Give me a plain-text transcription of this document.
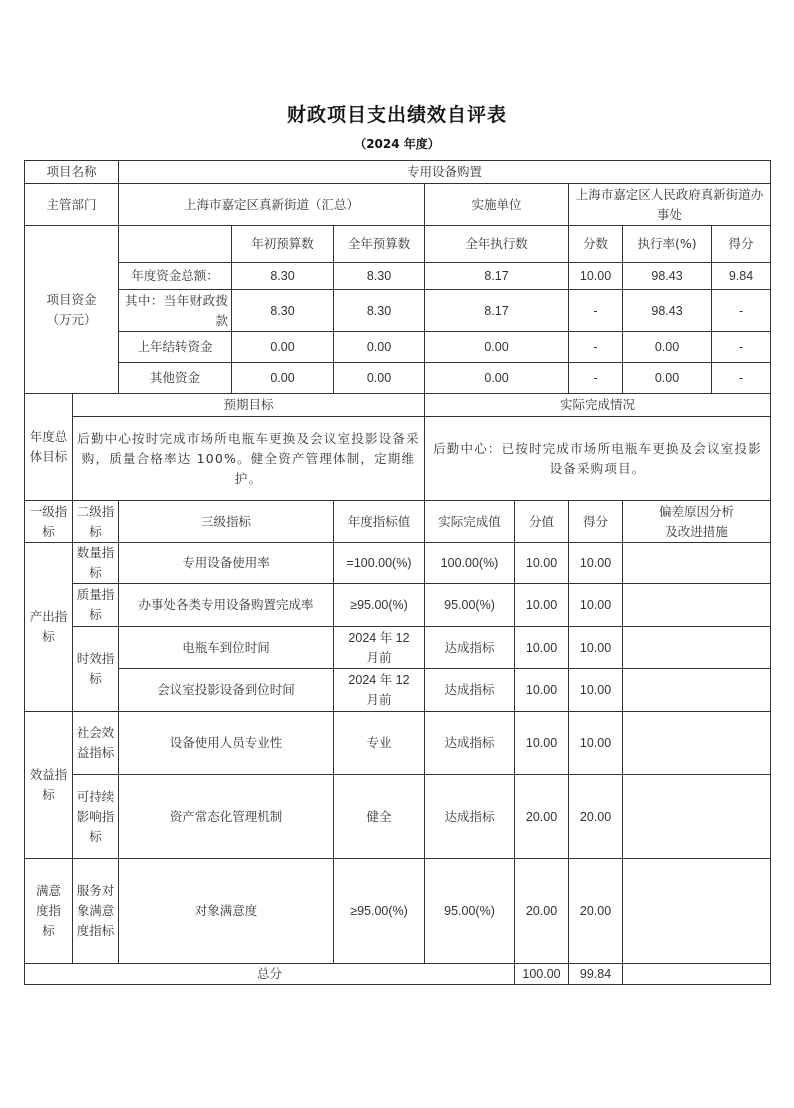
财政项目支出绩效自评表
（2024 年度）
项目名称		专用设备购置							
主管部门		上海市嘉定区真新街道（汇总）			实施单位		上海市嘉定区人民政府真新街道办事处		

项目资金
（万元）			年初预算数	全年预算数	全年执行数		分数	执行率(%)	得分
		年度资金总额：	8.30	8.30	8.17		10.00	98.43	9.84
		其中：当年财政拨款	8.30	8.30	8.17		-	98.43	-
		上年结转资金	0.00	0.00	0.00		-	0.00	-
		其他资金	0.00	0.00	0.00		-	0.00	-
年度总体目标	预期目标				实际完成情况				
	后勤中心按时完成市场所电瓶车更换及会议室投影设备采购，质量合格率达 100%。健全资产管理体制，定期维护。				后勤中心：已按时完成市场所电瓶车更换及会议室投影设备采购项目。				
一级指标	二级指标	三级指标		年度指标值	实际完成值	分值	得分	偏差原因分析
及改进措施	

产出指标	数量指标	专用设备使用率		=100.00(%)	100.00(%)	10.00	10.00		
	质量指标	办事处各类专用设备购置完成率		≥95.00(%)	95.00(%)	10.00	10.00		
	时效指标	电瓶车到位时间		2024 年 12 月前	达成指标	10.00	10.00		
		会议室投影设备到位时间		2024 年 12 月前	达成指标	10.00	10.00		
效益指标	社会效益指标	设备使用人员专业性		专业	达成指标	10.00	10.00		
	可持续影响指标	资产常态化管理机制		健全	达成指标	20.00	20.00		
满意度指标	服务对象满意度指标	对象满意度		≥95.00(%)	95.00(%)	20.00	20.00		
总分						100.00	99.84		
